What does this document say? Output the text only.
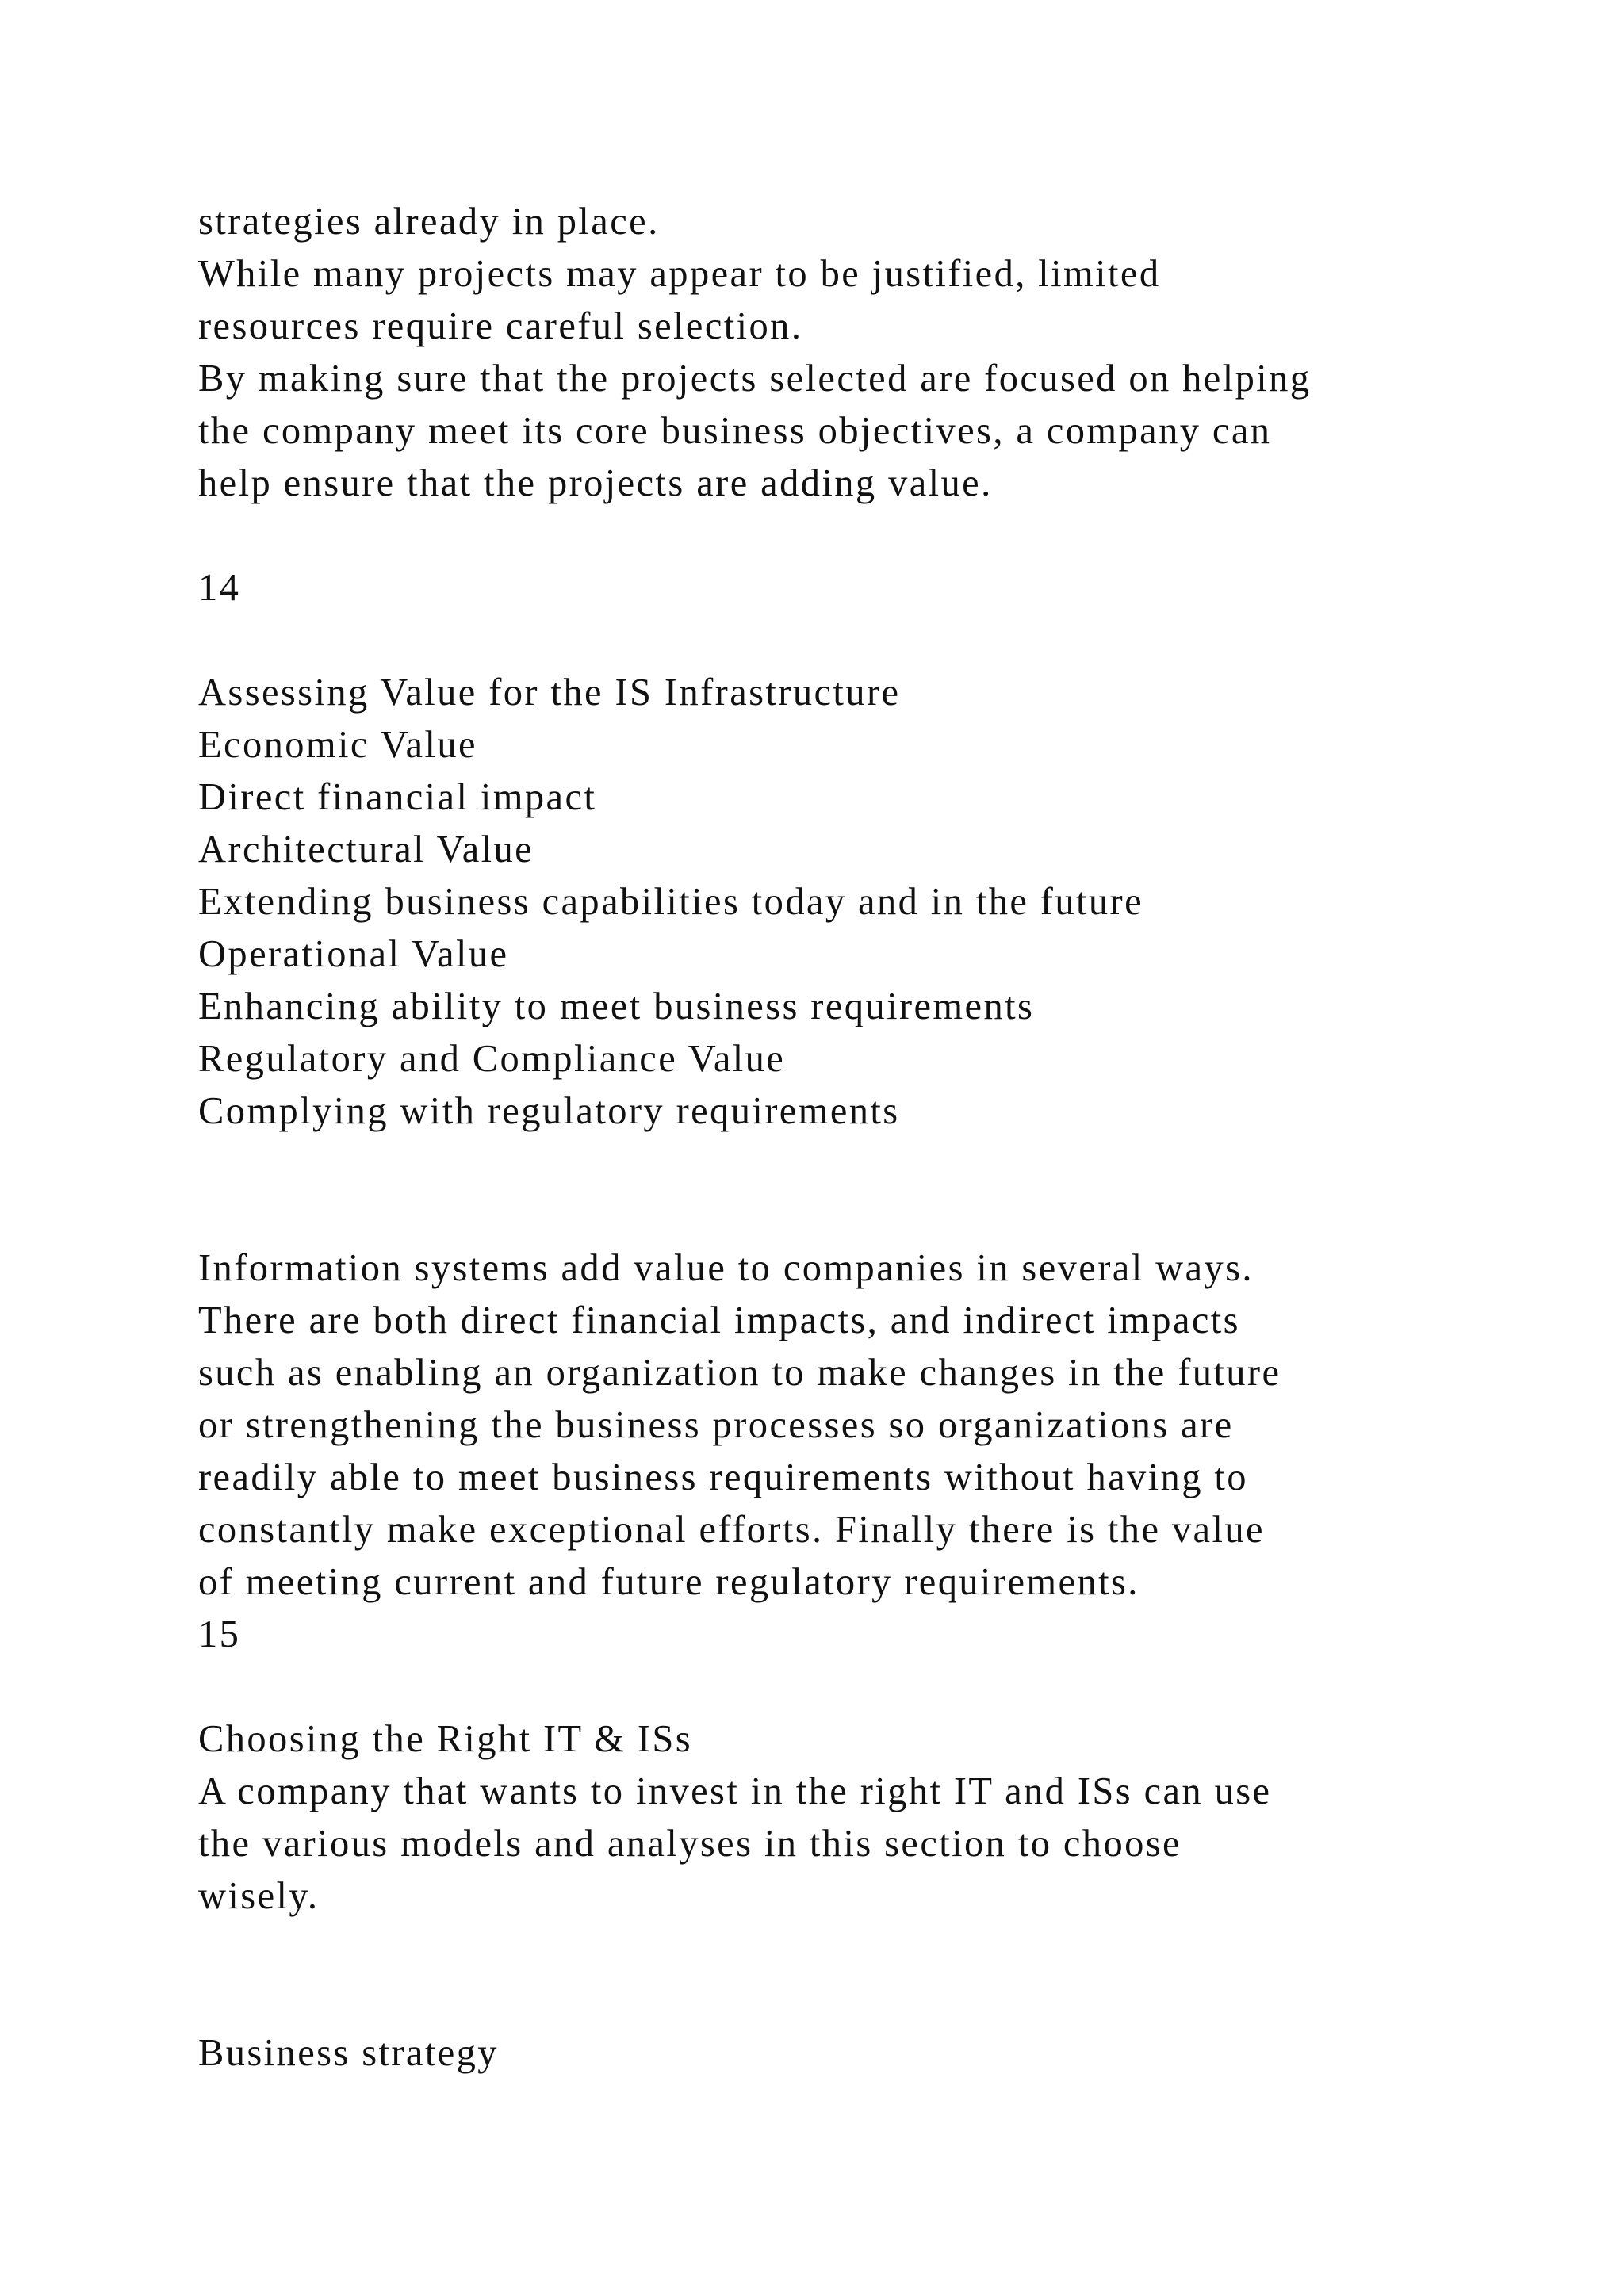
strategies already in place.
While many projects may appear to be justified, limited
resources require careful selection.
By making sure that the projects selected are focused on helping
the company meet its core business objectives, a company can
help ensure that the projects are adding value.
14
Assessing Value for the IS Infrastructure
Economic Value
Direct financial impact
Architectural Value
Extending business capabilities today and in the future
Operational Value
Enhancing ability to meet business requirements
Regulatory and Compliance Value
Complying with regulatory requirements
Information systems add value to companies in several ways.
There are both direct financial impacts, and indirect impacts
such as enabling an organization to make changes in the future
or strengthening the business processes so organizations are
readily able to meet business requirements without having to
constantly make exceptional efforts. Finally there is the value
of meeting current and future regulatory requirements.
15
Choosing the Right IT & ISs
A company that wants to invest in the right IT and ISs can use
the various models and analyses in this section to choose
wisely.
Business strategy
